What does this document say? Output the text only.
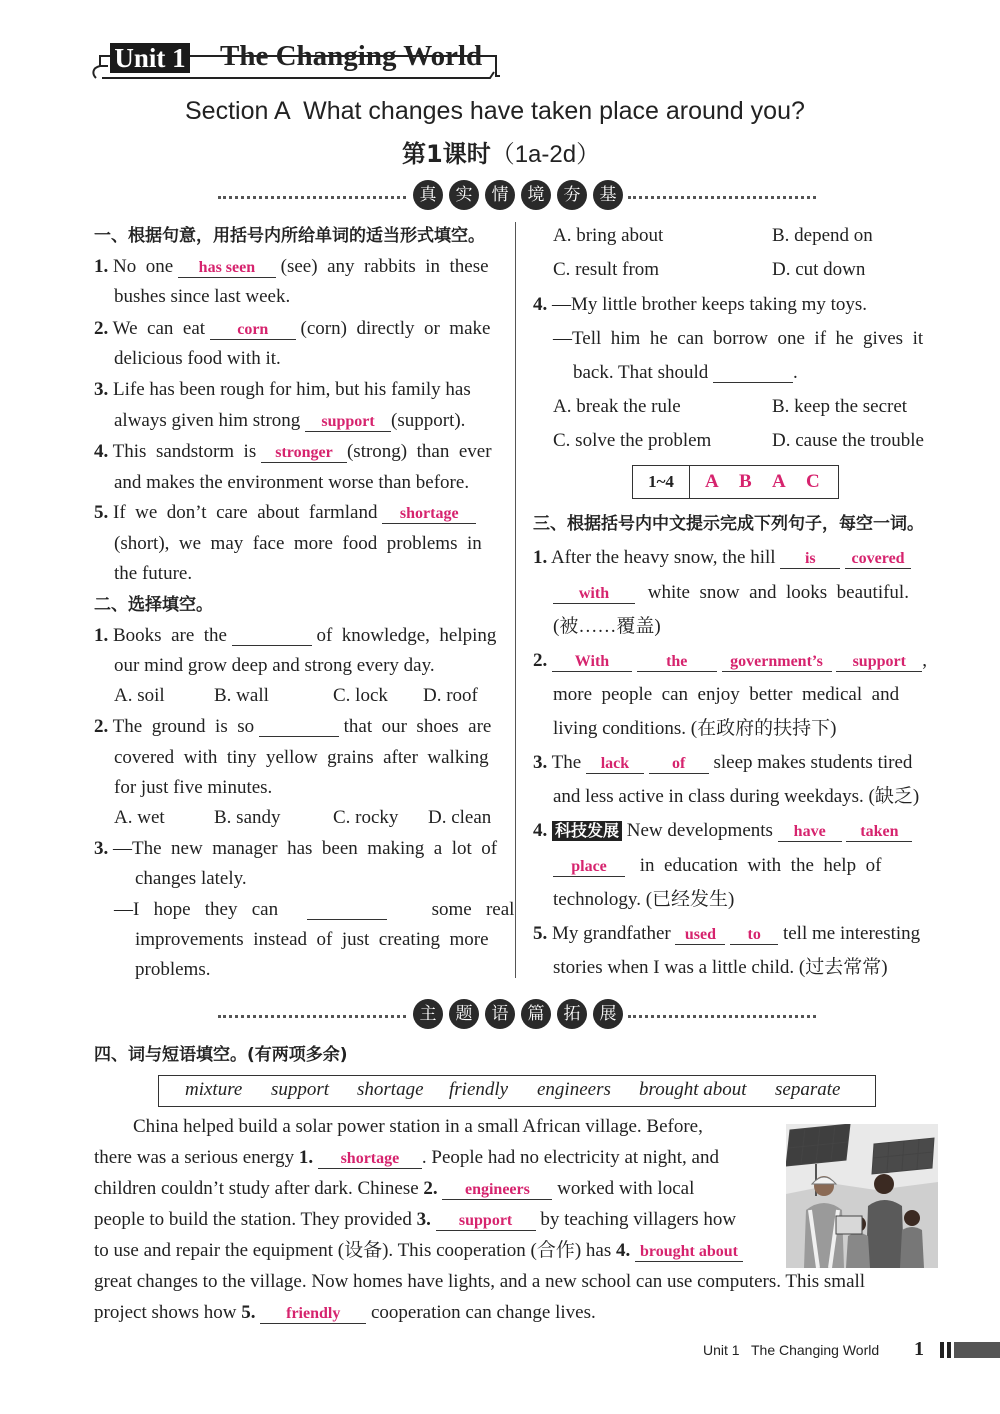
Unit 1 The Changing World
Section A  What changes have taken place around you?
第1课时（1a-2d）
真	实	情	境	夯	基
一、根据句意，用括号内所给单词的适当形式填空。
1. No  one has seen (see)  any  rabbits  in  these
bushes since last week.
2. We  can  eat corn (corn)  directly  or  make
delicious food with it.
3. Life has been rough for him, but his family has
always given him strong support (support).
4. This  sandstorm  is stronger (strong)  than  ever
and makes the environment worse than before.
5. If  we  don’t  care  about  farmland shortage
(short),  we  may  face  more  food  problems  in
the future.
二、选择填空。
1. Books  are  the	of  knowledge,  helping
our mind grow deep and strong every day.
A. soil	B. wall	C. lock D. roof
2. The  ground  is  so	that  our  shoes  are
covered  with  tiny  yellow  grains  after  walking
for just five minutes.
A. wet	B. sandy	C. rocky D. clean
3. —The  new  manager  has  been  making  a  lot  of
changes lately.
—I   hope   they   can	some   real
improvements  instead  of  just  creating  more
problems.
A. bring about	B. depend on
C. result from	D. cut down
4. —My little brother keeps taking my toys.
—Tell  him  he  can  borrow  one  if  he  gives  it
back. That should	.
A. break the rule	B. keep the secret
C. solve the problem	D. cause the trouble
1~4	A B A C
三、根据括号内中文提示完成下列句子，每空一词。
1. After the heavy snow, the hill is covered
with white  snow  and  looks  beautiful.
(被……覆盖)
2. With	the	government’s support ,
more  people  can  enjoy  better  medical  and
living conditions. (在政府的扶持下)
3. The lack	of sleep makes students tired
and less active in class during weekdays. (缺乏)
4. 科技发展 New developments have taken
place in  education  with  the  help  of
technology. (已经发生)
5. My grandfather used to tell me interesting
stories when I was a little child. (过去常常)
主	题	语	篇	拓	展
四、词与短语填空。(有两项多余)
mixture support shortage friendly engineers brought about separate
China helped build a solar power station in a small African village. Before,
there was a serious energy 1. shortage . People had no electricity at night, and
children couldn’t study after dark. Chinese 2. engineers worked with local
people to build the station. They provided 3. support by teaching villagers how
to use and repair the equipment (设备). This cooperation (合作) has 4. brought about
great changes to the village. Now homes have lights, and a new school can use computers. This small
project shows how 5. friendly cooperation can change lives.
Unit 1   The Changing World 1
